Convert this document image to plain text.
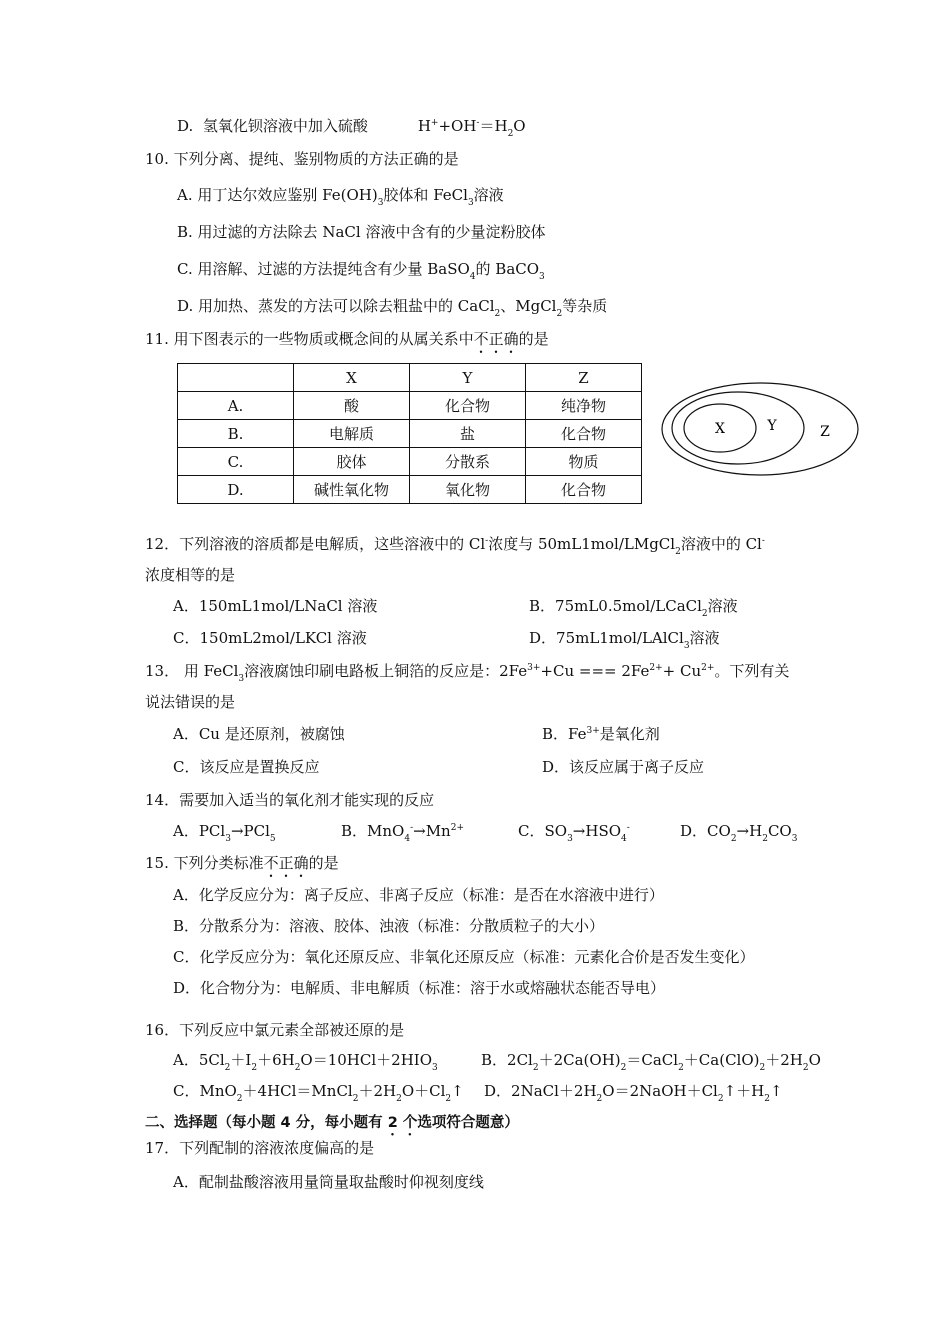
D. 氢氧化钡溶液中加入硫酸	$H^++OH^-=H_2O$
10. 下列分离、提纯、鉴别物质的方法正确的是
A. 用丁达尔效应鉴别 $Fe(OH)_3$胶体和 FeCl$_3$溶液
B. 用过滤的方法除去 NaCl 溶液中含有的少量淀粉胶体
C. 用溶解、过滤的方法提纯含有少量 BaSO$_4$的 BaCO$_3$
D. 用加热、蒸发的方法可以除去粗盐中的 CaCl$_2$、MgCl$_2$等杂质
11. 用下图表示的一些物质或概念间的从属关系中不正确的是
	X	Y	Z
A.	酸	化合物	纯净物
B.	电解质	盐	化合物
C.	胶体	分散系	物质
D.	碱性氧化物	氧化物	化合物
X	Y	Z
12．下列溶液的溶质都是电解质，这些溶液中的 Cl-浓度与 50mL1mol/LMgCl$_2$溶液中的 Cl-
浓度相等的是
A．150mL1mol/LNaCl 溶液	B．75mL0.5mol/LCaCl$_2$溶液
C．150mL2mol/LKCl 溶液	D．75mL1mol/LAlCl$_3$溶液
13． 用 FeCl$_3$溶液腐蚀印刷电路板上铜箔的反应是：$2Fe^{3+}+Cu$ === $2Fe^{2+}+ Cu^{2+}$。下列有关
说法错误的是
A．Cu 是还原剂，被腐蚀	B．$Fe^{3+}$是氧化剂
C．该反应是置换反应	D．该反应属于离子反应
14．需要加入适当的氧化剂才能实现的反应
A．PCl$_3$→PCl$_5$	B．$MnO_4^-\to Mn^{2+}$	C．$SO_3\to HSO_4^-$	D．$CO_2\to H_2CO_3$
15. 下列分类标准不正确的是
A．化学反应分为：离子反应、非离子反应（标准：是否在水溶液中进行）
B．分散系分为：溶液、胶体、浊液（标准：分散质粒子的大小）
C．化学反应分为：氧化还原反应、非氧化还原反应（标准：元素化合价是否发生变化）
D．化合物分为：电解质、非电解质（标准：溶于水或熔融状态能否导电）
16．下列反应中氯元素全部被还原的是
A．$5Cl_2+I_2+6H_2O=10HCl+2HIO_3$	B．$2Cl_2+2Ca(OH)_2=CaCl_2+Ca(ClO)_2+2H_2O$
C．$MnO_2+4HCl=MnCl_2+2H_2O+Cl_2↑$ D．$2NaCl+2H_2O=2NaOH+Cl_2↑+H_2↑$
二、选择题（每小题 4 分，每小题有 2 个选项符合题意）
17．下列配制的溶液浓度偏高的是
A．配制盐酸溶液用量筒量取盐酸时仰视刻度线
